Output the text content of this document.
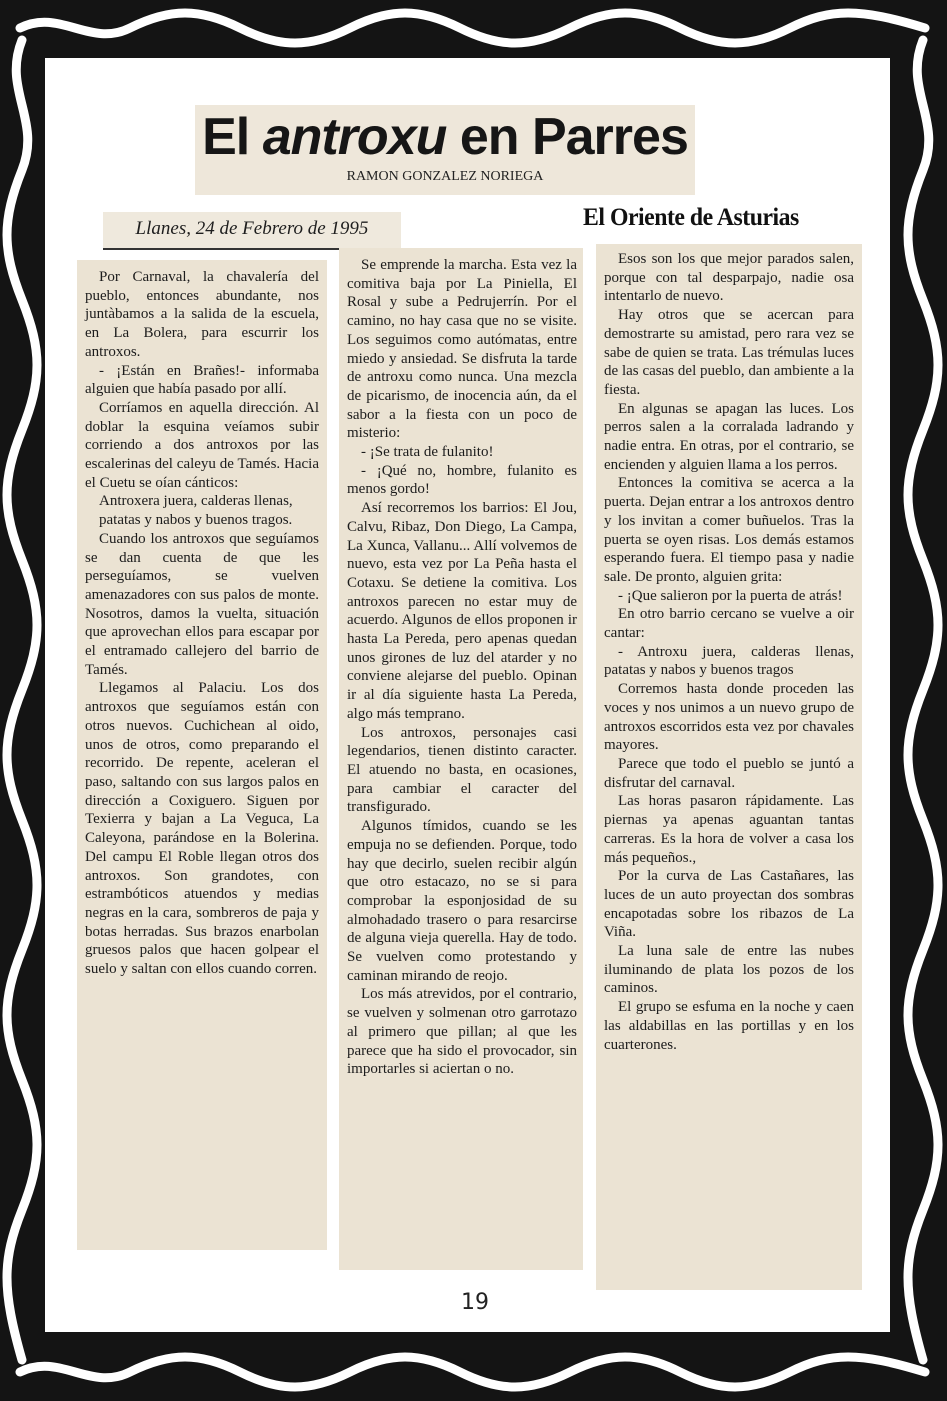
El antroxu en Parres
RAMON GONZALEZ NORIEGA
Llanes, 24 de Febrero de 1995	El Oriente de Asturias

Por Carnaval, la chavalería del pueblo, entonces abundante, nos juntàbamos a la salida de la escuela, en La Bolera, para escurrir los antroxos.

- ¡Están en Brañes!- informaba alguien que había pasado por allí.

Corríamos en aquella dirección. Al doblar la esquina veíamos subir corriendo a dos antroxos por las escalerinas del caleyu de Tamés. Hacia el Cuetu se oían cánticos:

Antroxera juera, calderas llenas,

patatas y nabos y buenos tragos.

Cuando los antroxos que seguíamos se dan cuenta de que les perseguíamos, se vuelven amenazadores con sus palos de monte. Nosotros, damos la vuelta, situación que aprovechan ellos para escapar por el entramado callejero del barrio de Tamés.

Llegamos al Palaciu. Los dos antroxos que seguíamos están con otros nuevos. Cuchichean al oido, unos de otros, como preparando el recorrido. De repente, aceleran el paso, saltando con sus largos palos en dirección a Coxiguero. Siguen por Texierra y bajan a La Veguca, La Caleyona, parándose en la Bolerina. Del campu El Roble llegan otros dos antroxos. Son grandotes, con estrambóticos atuendos y medias negras en la cara, sombreros de paja y botas herradas. Sus brazos enarbolan gruesos palos que hacen golpear el suelo y saltan con ellos cuando corren.

Se emprende la marcha. Esta vez la comitiva baja por La Piniella, El Rosal y sube a Pedrujerrín. Por el camino, no hay casa que no se visite. Los seguimos como autómatas, entre miedo y ansiedad. Se disfruta la tarde de antroxu como nunca. Una mezcla de picarismo, de inocencia aún, da el sabor a la fiesta con un poco de misterio:

- ¡Se trata de fulanito!

- ¡Qué no, hombre, fulanito es menos gordo!

Así recorremos los barrios: El Jou, Calvu, Ribaz, Don Diego, La Campa, La Xunca, Vallanu... Allí volvemos de nuevo, esta vez por La Peña hasta el Cotaxu. Se detiene la comitiva. Los antroxos parecen no estar muy de acuerdo. Algunos de ellos proponen ir hasta La Pereda, pero apenas quedan unos girones de luz del atarder y no conviene alejarse del pueblo. Opinan ir al día siguiente hasta La Pereda, algo más temprano.

Los antroxos, personajes casi legendarios, tienen distinto caracter. El atuendo no basta, en ocasiones, para cambiar el caracter del transfigurado.

Algunos tímidos, cuando se les empuja no se defienden. Porque, todo hay que decirlo, suelen recibir algún que otro estacazo, no se si para comprobar la esponjosidad de su almohadado trasero o para resarcirse de alguna vieja querella. Hay de todo. Se vuelven como protestando y caminan mirando de reojo.

Los más atrevidos, por el contrario, se vuelven y solmenan otro garrotazo al primero que pillan; al que les parece que ha sido el provocador, sin importarles si aciertan o no.

Esos son los que mejor parados salen, porque con tal desparpajo, nadie osa intentarlo de nuevo.

Hay otros que se acercan para demostrarte su amistad, pero rara vez se sabe de quien se trata. Las trémulas luces de las casas del pueblo, dan ambiente a la fiesta.

En algunas se apagan las luces. Los perros salen a la corralada ladrando y nadie entra. En otras, por el contrario, se encienden y alguien llama a los perros.

Entonces la comitiva se acerca a la puerta. Dejan entrar a los antroxos dentro y los invitan a comer buñuelos. Tras la puerta se oyen risas. Los demás estamos esperando fuera. El tiempo pasa y nadie sale. De pronto, alguien grita:

- ¡Que salieron por la puerta de atrás!

En otro barrio cercano se vuelve a oir cantar:

- Antroxu juera, calderas llenas, patatas y nabos y buenos tragos

Corremos hasta donde proceden las voces y nos unimos a un nuevo grupo de antroxos escorridos esta vez por chavales mayores.

Parece que todo el pueblo se juntó a disfrutar del carnaval.

Las horas pasaron rápidamente. Las piernas ya apenas aguantan tantas carreras. Es la hora de volver a casa los más pequeños.,

Por la curva de Las Castañares, las luces de un auto proyectan dos sombras encapotadas sobre los ribazos de La Viña.

La luna sale de entre las nubes iluminando de plata los pozos de los caminos.

El grupo se esfuma en la noche y caen las aldabillas en las portillas y en los cuarterones.

19
